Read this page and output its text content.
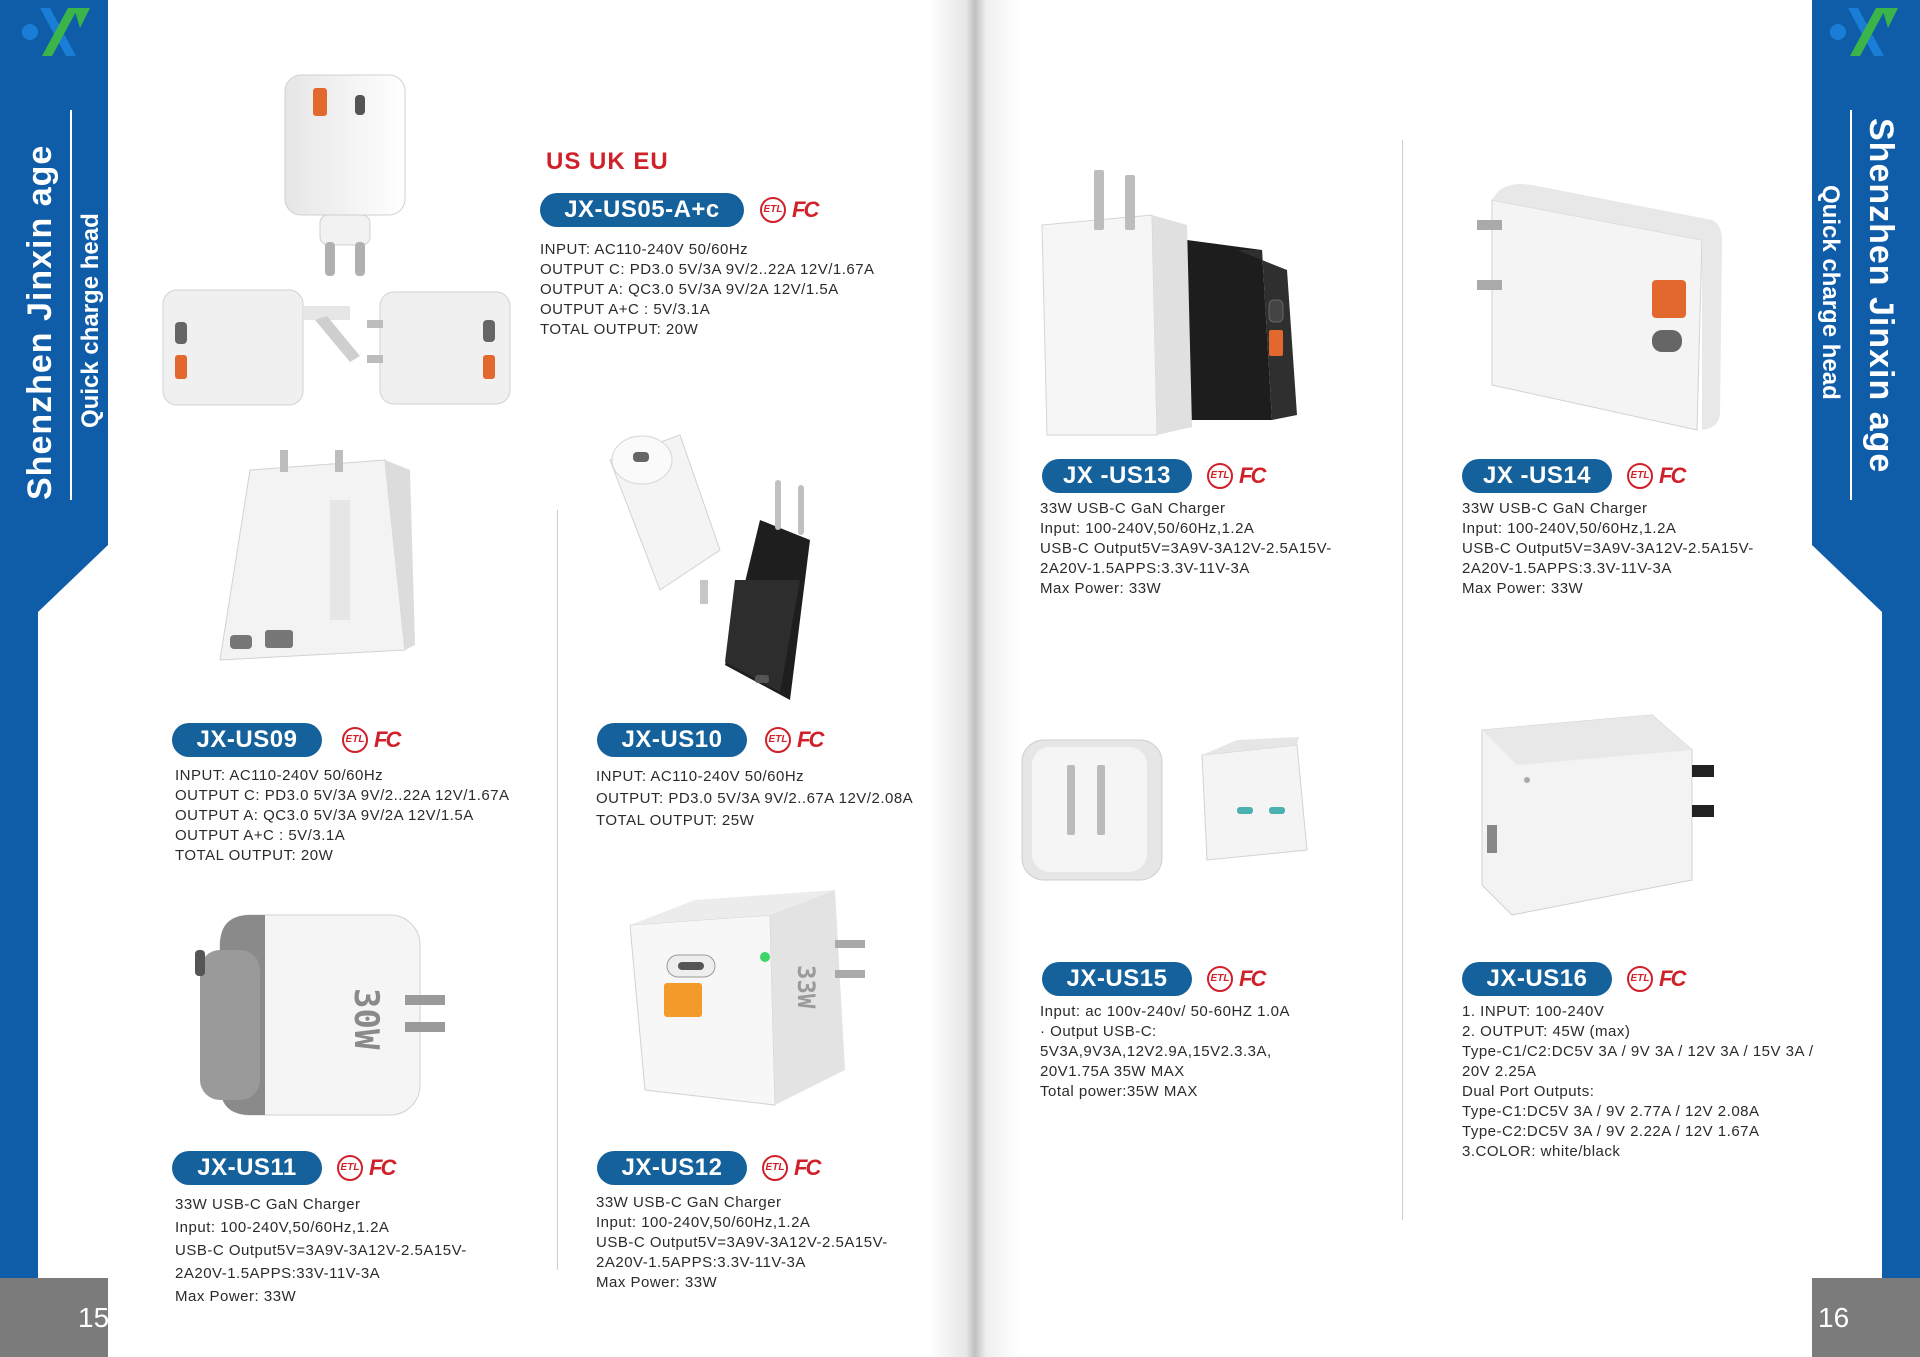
Shenzhen Jinxin age Quick charge head
15
US UK EU
JX-US05-A+c	ETL FC
INPUT: AC110-240V 50/60Hz
OUTPUT C: PD3.0 5V/3A 9V/2..22A 12V/1.67A
OUTPUT A: QC3.0 5V/3A 9V/2A 12V/1.5A
OUTPUT A+C : 5V/3.1A
TOTAL OUTPUT: 20W
JX-US09	ETL FC
INPUT: AC110-240V 50/60Hz
OUTPUT C: PD3.0 5V/3A 9V/2..22A 12V/1.67A
OUTPUT A: QC3.0 5V/3A 9V/2A 12V/1.5A
OUTPUT A+C : 5V/3.1A
TOTAL OUTPUT: 20W
JX-US10	ETL FC
INPUT: AC110-240V 50/60Hz
OUTPUT: PD3.0 5V/3A 9V/2..67A 12V/2.08A
TOTAL OUTPUT: 25W
30W
33W
JX-US11	ETL FC
33W USB-C GaN Charger
Input: 100-240V,50/60Hz,1.2A
USB-C Output5V=3A9V-3A12V-2.5A15V-
2A20V-1.5APPS:33V-11V-3A
Max Power: 33W
JX-US12	ETL FC
33W USB-C GaN Charger
Input: 100-240V,50/60Hz,1.2A
USB-C Output5V=3A9V-3A12V-2.5A15V-
2A20V-1.5APPS:3.3V-11V-3A
Max Power: 33W
Shenzhen Jinxin age
Quick charge head
16
JX -US13	ETL FC
33W USB-C GaN Charger
Input: 100-240V,50/60Hz,1.2A
USB-C Output5V=3A9V-3A12V-2.5A15V-
2A20V-1.5APPS:3.3V-11V-3A
Max Power: 33W
JX -US14	ETL FC
33W USB-C GaN Charger
Input: 100-240V,50/60Hz,1.2A
USB-C Output5V=3A9V-3A12V-2.5A15V-
2A20V-1.5APPS:3.3V-11V-3A
Max Power: 33W
JX-US15	ETL FC
Input: ac 100v-240v/ 50-60HZ 1.0A
· Output USB-C:
5V3A,9V3A,12V2.9A,15V2.3.3A,
20V1.75A 35W MAX
Total power:35W MAX
JX-US16	ETL FC
1. INPUT: 100-240V
2. OUTPUT: 45W (max)
Type-C1/C2:DC5V 3A / 9V 3A / 12V 3A / 15V 3A /
20V 2.25A
Dual Port Outputs:
Type-C1:DC5V 3A / 9V 2.77A / 12V 2.08A
Type-C2:DC5V 3A / 9V 2.22A / 12V 1.67A
3.COLOR: white/black
